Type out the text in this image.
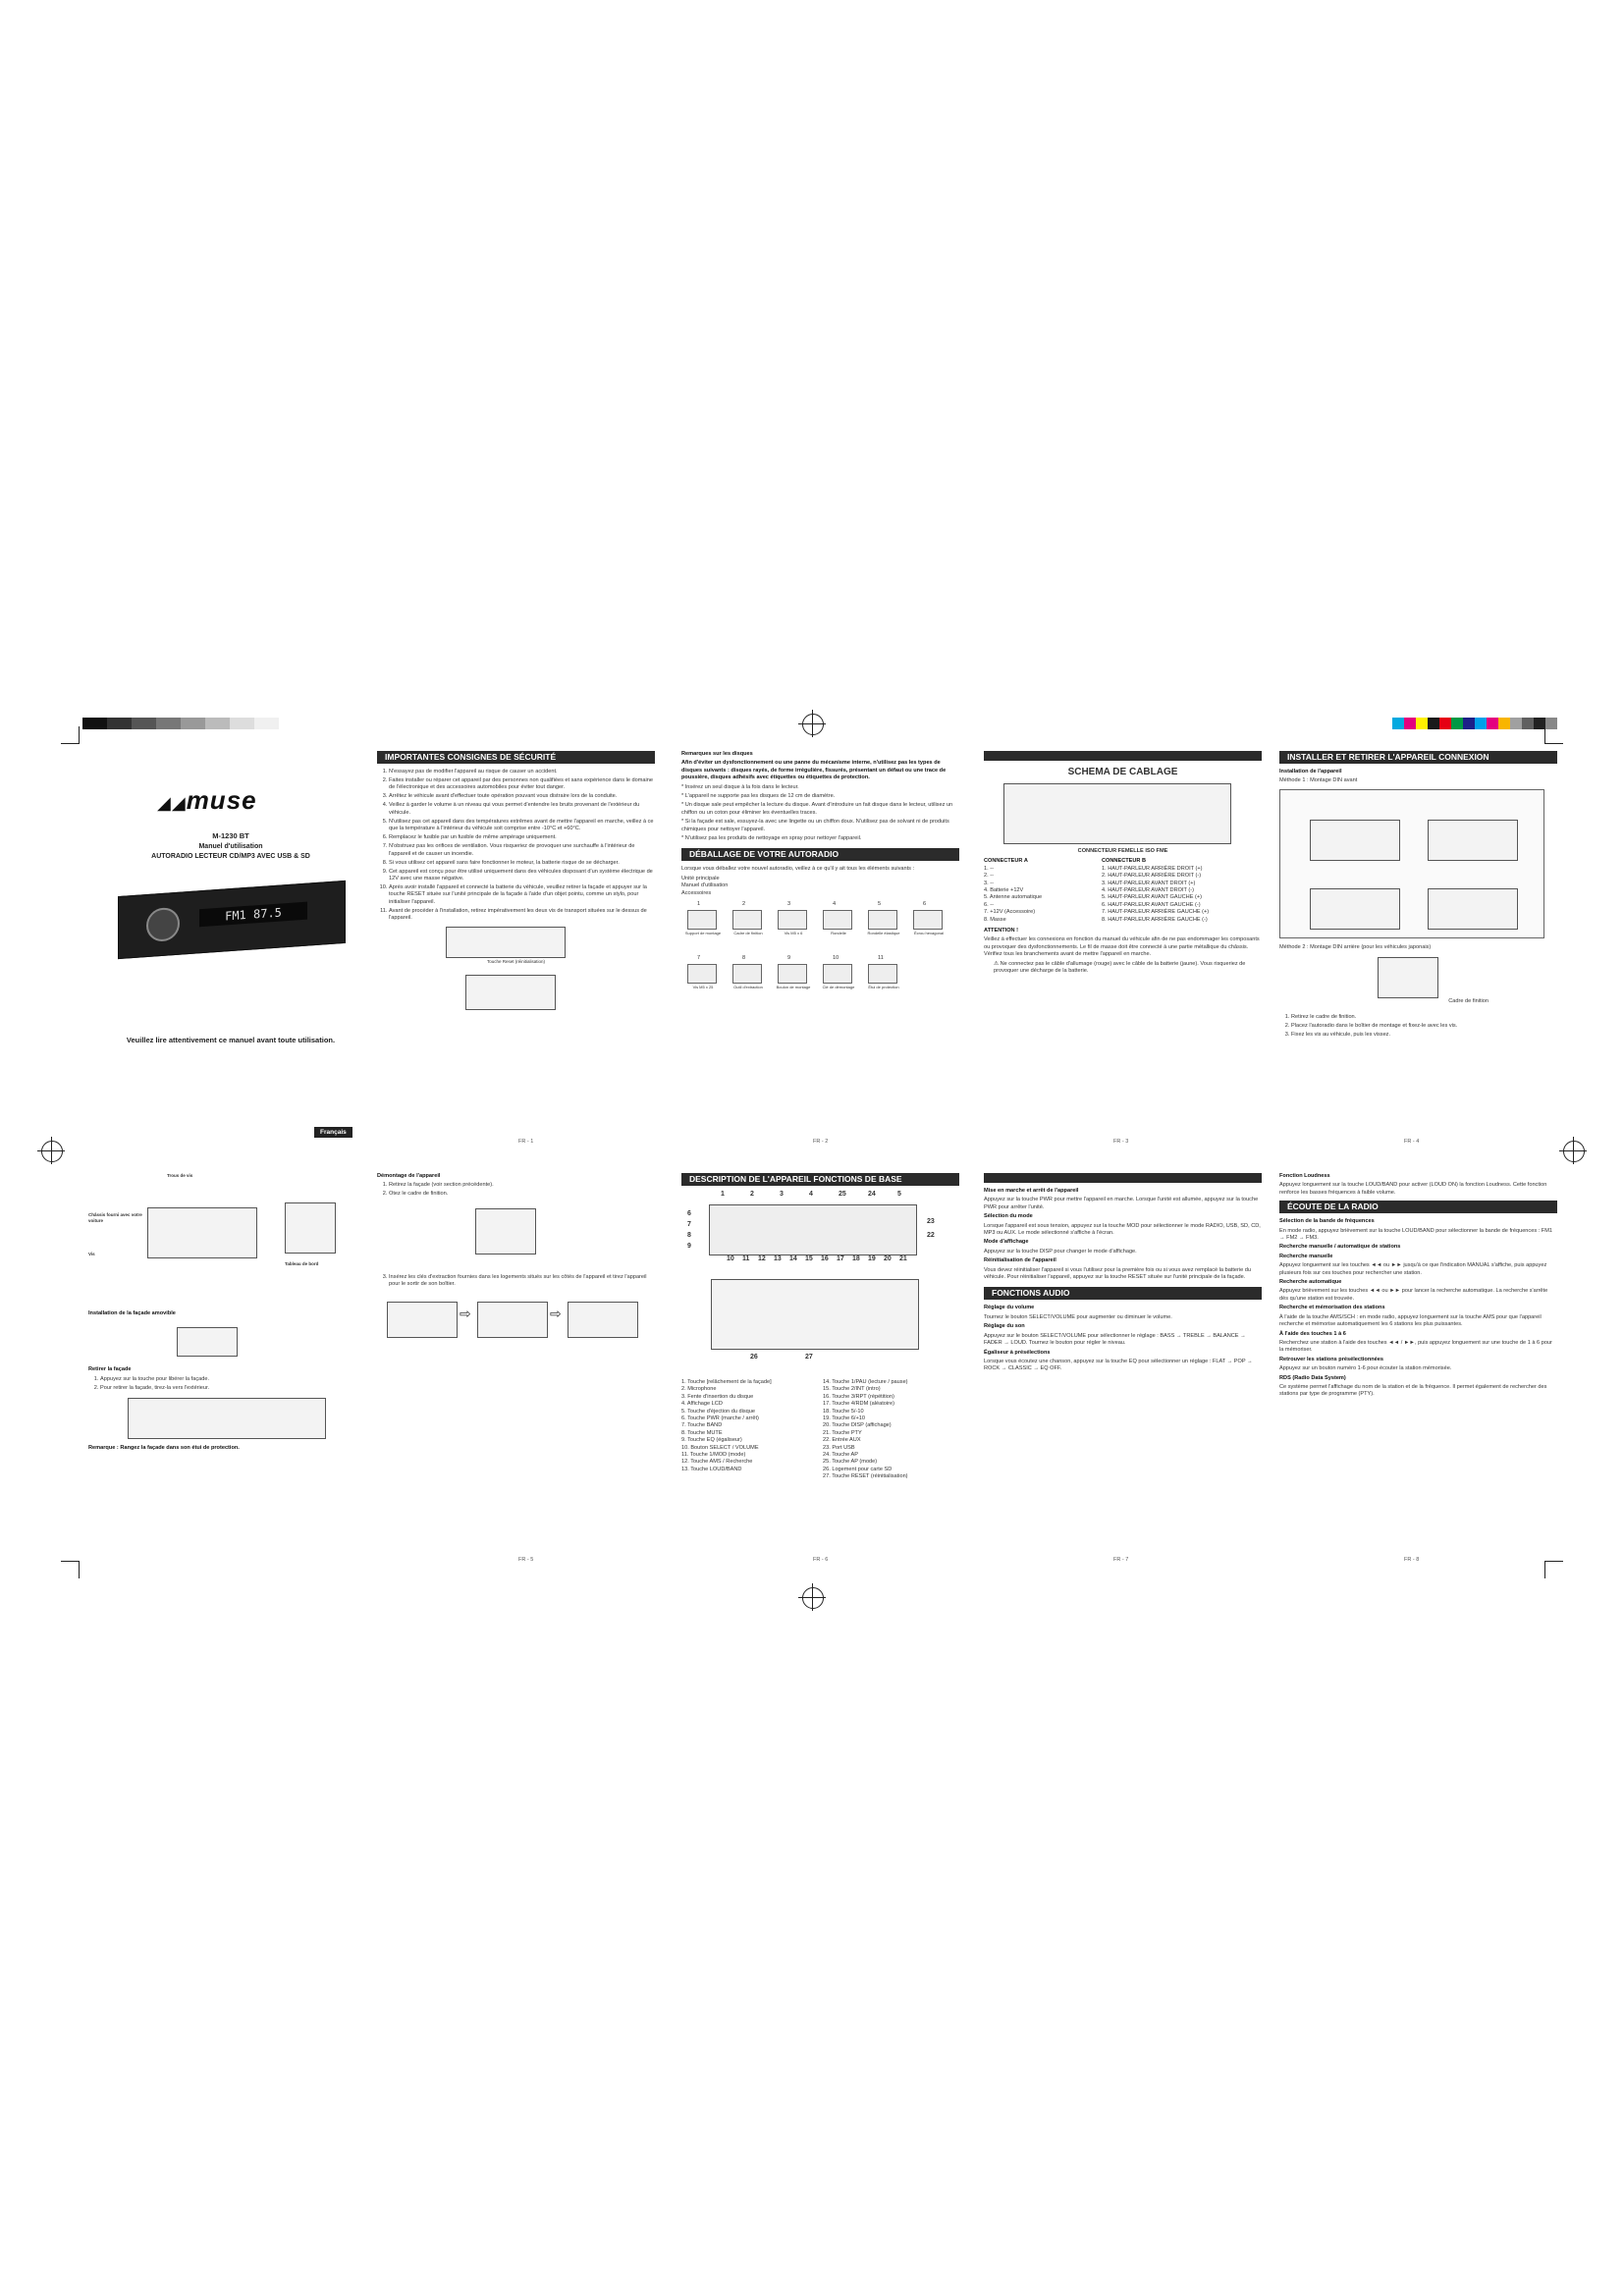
◢◢muse
M-1230 BT
Manuel d'utilisation
AUTORADIO LECTEUR CD/MP3 AVEC USB & SD
FM1 87.5
Veuillez lire attentivement ce manuel avant toute utilisation.
Français
IMPORTANTES CONSIGNES DE SÉCURITÉ
1. N'essayez pas de modifier l'appareil au risque de causer un accident.
2. Faites installer ou réparer cet appareil par des personnes non qualifiées et sans expérience dans le domaine de l'électronique et des accessoires automobiles pour éviter tout danger.
3. Arrêtez le véhicule avant d'effectuer toute opération pouvant vous distraire lors de la conduite.
4. Veillez à garder le volume à un niveau qui vous permet d'entendre les bruits provenant de l'extérieur du véhicule.
5. N'utilisez pas cet appareil dans des températures extrêmes avant de mettre l'appareil en marche, veillez à ce que la température à l'intérieur du véhicule soit comprise entre -10°C et +60°C.
6. Remplacez le fusible par un fusible de même ampérage uniquement.
7. N'obstruez pas les orifices de ventilation. Vous risqueriez de provoquer une surchauffe à l'intérieur de l'appareil et de causer un incendie.
8. Si vous utilisez cet appareil sans faire fonctionner le moteur, la batterie risque de se décharger.
9. Cet appareil est conçu pour être utilisé uniquement dans des véhicules disposant d'un système électrique de 12V avec une masse négative.
10. Après avoir installé l'appareil et connecté la batterie du véhicule, veuillez retirer la façade et appuyer sur la touche RESET située sur l'unité principale de la façade à l'aide d'un objet pointu, comme un stylo, pour initialiser l'appareil.
11. Avant de procéder à l'installation, retirez impérativement les deux vis de transport situées sur le dessus de l'appareil.
Touche Reset (réinitialisation)

Remarques sur les disques

Afin d'éviter un dysfonctionnement ou une panne du mécanisme interne, n'utilisez pas les types de disques suivants : disques rayés, de forme irrégulière, fissurés, présentant un défaut ou une trace de poussière, disques adhésifs avec étiquettes ou étiquettes de protection.

* Insérez un seul disque à la fois dans le lecteur.

* L'appareil ne supporte pas les disques de 12 cm de diamètre.

* Un disque sale peut empêcher la lecture du disque. Avant d'introduire un fait disque dans le lecteur, utilisez un chiffon ou un coton pour éliminer les éventuelles traces.

* Si la façade est sale, essuyez-la avec une lingette ou un chiffon doux. N'utilisez pas de solvant ni de produits chimiques pour nettoyer l'appareil.

* N'utilisez pas les produits de nettoyage en spray pour nettoyer l'appareil.

DÉBALLAGE DE VOTRE AUTORADIO

Lorsque vous déballez votre nouvel autoradio, veillez à ce qu'il y ait tous les éléments suivants :

Unité principale
Manuel d'utilisation
Accessoires
1
Support de montage
2
Cadre de finition
3
Vis M5 x 6
4
Rondelle
5
Rondelle élastique
6
Écrou hexagonal
7
Vis M5 x 25
8
Outil d'extraction
9
Boulon de montage
10
Clé de démontage
11
Étui de protection
SCHEMA DE CABLAGE
CONNECTEUR FEMELLE ISO FME
CONNECTEUR A
1. --
2. --
3. --
4. Batterie +12V
5. Antenne automatique
6. --
7. +12V (Accessoire)
8. Masse
CONNECTEUR B
1. HAUT-PARLEUR ARRIÈRE DROIT (+)
2. HAUT-PARLEUR ARRIÈRE DROIT (-)
3. HAUT-PARLEUR AVANT DROIT (+)
4. HAUT-PARLEUR AVANT DROIT (-)
5. HAUT-PARLEUR AVANT GAUCHE (+)
6. HAUT-PARLEUR AVANT GAUCHE (-)
7. HAUT-PARLEUR ARRIÈRE GAUCHE (+)
8. HAUT-PARLEUR ARRIÈRE GAUCHE (-)

ATTENTION !

Veillez à effectuer les connexions en fonction du manuel du véhicule afin de ne pas endommager les composants ou provoquer des dysfonctionnements. Le fil de masse doit être connecté à une partie métallique du châssis. Vérifiez tous les branchements avant de mettre l'appareil en marche.

⚠ Ne connectez pas le câble d'allumage (rouge) avec le câble de la batterie (jaune). Vous risqueriez de provoquer une décharge de la batterie.

INSTALLER ET RETIRER L'APPAREIL CONNEXION

Installation de l'appareil

Méthode 1 : Montage DIN avant

Méthode 2 : Montage DIN arrière (pour les véhicules japonais)

Cadre de finition
1. Retirez le cadre de finition.
2. Placez l'autoradio dans le boîtier de montage et fixez-le avec les vis.
3. Fixez les vis au véhicule, puis les vissez.
Trous de vis
Châssis fourni avec votre voiture
Vis
Tableau de bord

Installation de la façade amovible

Retirer la façade

1. Appuyez sur la touche pour libérer la façade.
2. Pour retirer la façade, tirez-la vers l'extérieur.

Remarque : Rangez la façade dans son étui de protection.

Démontage de l'appareil

1. Retirez la façade (voir section précédente).
2. Otez le cadre de finition.
3. Insérez les clés d'extraction fournies dans les logements situés sur les côtés de l'appareil et tirez l'appareil pour le sortir de son boîtier.
⇨	⇨
DESCRIPTION DE L'APPAREIL FONCTIONS DE BASE
1	2	3	4	25	24	5
6
7
8
9
23
22
10 11 12 13 14 15 16 17 18 19 20 21
26	27
1. Touche [relâchement de la façade]
2. Microphone
3. Fente d'insertion du disque
4. Affichage LCD
5. Touche d'éjection du disque
6. Touche PWR (marche / arrêt)
7. Touche BAND
8. Touche MUTE
9. Touche EQ (égaliseur)
10. Bouton SELECT / VOLUME
11. Touche 1/MOD (mode)
12. Touche AMS / Recherche
13. Touche LOUD/BAND
14. Touche 1/PAU (lecture / pause)
15. Touche 2/INT (intro)
16. Touche 3/RPT (répétition)
17. Touche 4/RDM (aléatoire)
18. Touche 5/-10
19. Touche 6/+10
20. Touche DISP (affichage)
21. Touche PTY
22. Entrée AUX
23. Port USB
24. Touche AP
25. Touche AP (mode)
26. Logement pour carte SD
27. Touche RESET (réinitialisation)

Mise en marche et arrêt de l'appareil

Appuyez sur la touche PWR pour mettre l'appareil en marche. Lorsque l'unité est allumée, appuyez sur la touche PWR pour arrêter l'unité.

Sélection du mode

Lorsque l'appareil est sous tension, appuyez sur la touche MOD pour sélectionner le mode RADIO, USB, SD, CD, MP3 ou AUX. Le mode sélectionné s'affiche à l'écran.

Mode d'affichage

Appuyez sur la touche DISP pour changer le mode d'affichage.

Réinitialisation de l'appareil

Vous devez réinitialiser l'appareil si vous l'utilisez pour la première fois ou si vous avez remplacé la batterie du véhicule. Pour réinitialiser l'appareil, appuyez sur la touche RESET située sur l'unité principale de la façade.

FONCTIONS AUDIO

Réglage du volume

Tournez le bouton SELECT/VOLUME pour augmenter ou diminuer le volume.

Réglage du son

Appuyez sur le bouton SELECT/VOLUME pour sélectionner le réglage : BASS → TREBLE → BALANCE → FADER → LOUD. Tournez le bouton pour régler le niveau.

Égaliseur à présélections

Lorsque vous écoutez une chanson, appuyez sur la touche EQ pour sélectionner un réglage : FLAT → POP → ROCK → CLASSIC → EQ OFF.

Fonction Loudness

Appuyez longuement sur la touche LOUD/BAND pour activer (LOUD ON) la fonction Loudness. Cette fonction renforce les basses fréquences à faible volume.

ÉCOUTE DE LA RADIO

Sélection de la bande de fréquences

En mode radio, appuyez brièvement sur la touche LOUD/BAND pour sélectionner la bande de fréquences : FM1 → FM2 → FM3.

Recherche manuelle / automatique de stations

Recherche manuelle

Appuyez longuement sur les touches ◄◄ ou ►► jusqu'à ce que l'indication MANUAL s'affiche, puis appuyez plusieurs fois sur ces touches pour rechercher une station.

Recherche automatique

Appuyez brièvement sur les touches ◄◄ ou ►► pour lancer la recherche automatique. La recherche s'arrête dès qu'une station est trouvée.

Recherche et mémorisation des stations

À l'aide de la touche AMS/SCH : en mode radio, appuyez longuement sur la touche AMS pour que l'appareil recherche et mémorise automatiquement les 6 stations les plus puissantes.

À l'aide des touches 1 à 6

Recherchez une station à l'aide des touches ◄◄ / ►►, puis appuyez longuement sur une touche de 1 à 6 pour la mémoriser.

Retrouver les stations présélectionnées

Appuyez sur un bouton numéro 1-6 pour écouter la station mémorisée.

RDS (Radio Data System)

Ce système permet l'affichage du nom de la station et de la fréquence. Il permet également de rechercher des stations par type de programme (PTY).

FR - 1	FR - 2	FR - 3	FR - 4
FR - 5	FR - 6	FR - 7	FR - 8
